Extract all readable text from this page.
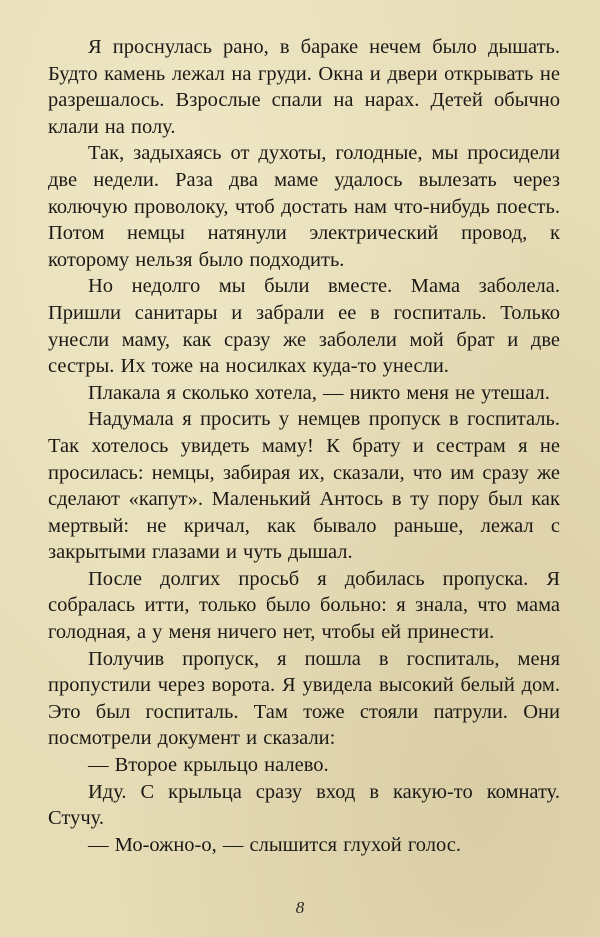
Я проснулась рано, в бараке нечем было дышать. Будто камень лежал на груди. Окна и двери открывать не разрешалось. Взрослые спали на нарах. Детей обычно клали на полу.

Так, задыхаясь от духоты, голодные, мы просидели две недели. Раза два маме удалось вылезать через колючую проволоку, чтоб достать нам что-нибудь поесть. Потом немцы натянули электрический провод, к которому нельзя было подходить.

Но недолго мы были вместе. Мама заболела. Пришли санитары и забрали ее в госпиталь. Только унесли маму, как сразу же заболели мой брат и две сестры. Их тоже на носилках куда-то унесли.

Плакала я сколько хотела, — никто меня не утешал.

Надумала я просить у немцев пропуск в госпиталь. Так хотелось увидеть маму! К брату и сестрам я не просилась: немцы, забирая их, сказали, что им сразу же сделают «капут». Маленький Антось в ту пору был как мертвый: не кричал, как бывало раньше, лежал с закрытыми глазами и чуть дышал.

После долгих просьб я добилась пропуска. Я собралась итти, только было больно: я знала, что мама голодная, а у меня ничего нет, чтобы ей принести.

Получив пропуск, я пошла в госпиталь, меня пропустили через ворота. Я увидела высокий белый дом. Это был госпиталь. Там тоже стояли патрули. Они посмотрели документ и сказали:

— Второе крыльцо налево.

Иду. С крыльца сразу вход в какую-то комнату. Стучу.

— Мо-ожно-о, — слышится глухой голос.

8
